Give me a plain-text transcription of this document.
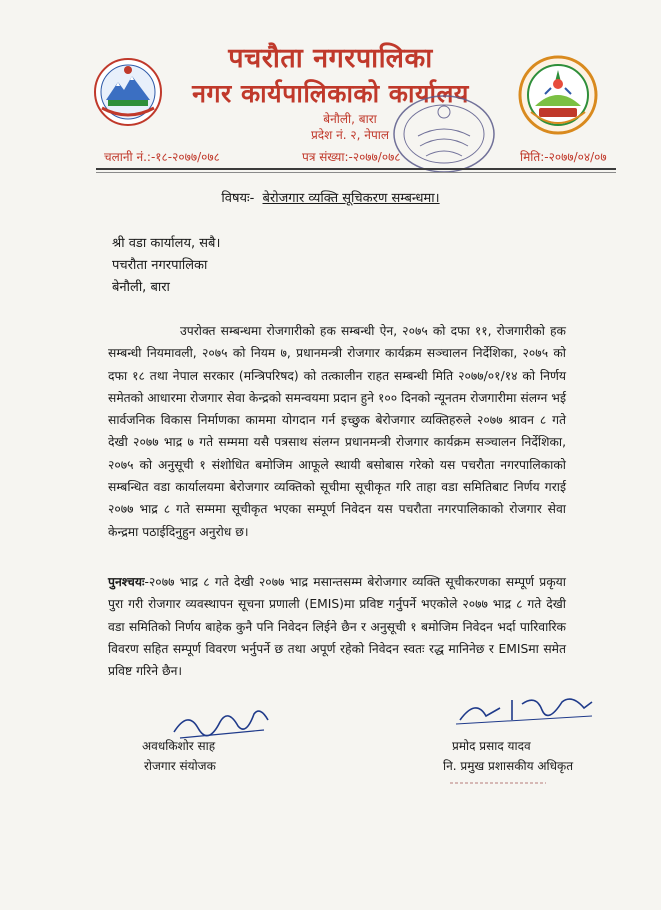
पचरौता नगरपालिका
नगर कार्यपालिकाको कार्यालय
बेनौली, बारा
प्रदेश नं. २, नेपाल
चलानी नं.:-१८-२०७७/०७८	पत्र संख्या:-२०७७/०७८	मिति:-२०७७/०४/०७
विषयः- बेरोजगार व्यक्ति सूचिकरण सम्बन्धमा।
श्री वडा कार्यालय, सबै।
पचरौता नगरपालिका
बेनौली, बारा
उपरोक्त सम्बन्धमा रोजगारीको हक सम्बन्धी ऐन, २०७५ को दफा ११, रोजगारीको हक सम्बन्धी नियमावली, २०७५ को नियम ७, प्रधानमन्त्री रोजगार कार्यक्रम सञ्चालन निर्देशिका, २०७५ को दफा १८ तथा नेपाल सरकार (मन्त्रिपरिषद) को तत्कालीन राहत सम्बन्धी मिति २०७७/०१/१४ को निर्णय समेतको आधारमा रोजगार सेवा केन्द्रको समन्वयमा प्रदान हुने १०० दिनको न्यूनतम रोजगारीमा संलग्न भई सार्वजनिक विकास निर्माणका काममा योगदान गर्न इच्छुक बेरोजगार व्यक्तिहरुले २०७७ श्रावन ८ गते देखी २०७७ भाद्र ७ गते सम्ममा यसै पत्रसाथ संलग्न प्रधानमन्त्री रोजगार कार्यक्रम सञ्चालन निर्देशिका, २०७५ को अनुसूची १ संशोधित बमोजिम आफूले स्थायी बसोबास गरेको यस पचरौता नगरपालिकाको सम्बन्धित वडा कार्यालयमा बेरोजगार व्यक्तिको सूचीमा सूचीकृत गरि ताहा वडा समितिबाट निर्णय गराई २०७७ भाद्र ८ गते सम्ममा सूचीकृत भएका सम्पूर्ण निवेदन यस पचरौता नगरपालिकाको रोजगार सेवा केन्द्रमा पठाईदिनुहुन अनुरोध छ।
पुनश्चयः-२०७७ भाद्र ८ गते देखी २०७७ भाद्र मसान्तसम्म बेरोजगार व्यक्ति सूचीकरणका सम्पूर्ण प्रकृया पुरा गरी रोजगार व्यवस्थापन सूचना प्रणाली (EMIS)मा प्रविष्ट गर्नुपर्ने भएकोले २०७७ भाद्र ८ गते देखी वडा समितिको निर्णय बाहेक कुनै पनि निवेदन लिईने छैन र अनुसूची १ बमोजिम निवेदन भर्दा पारिवारिक विवरण सहित सम्पूर्ण विवरण भर्नुपर्ने छ तथा अपूर्ण रहेको निवेदन स्वतः रद्ध मानिनेछ र EMISमा समेत प्रविष्ट गरिने छैन।
अवधकिशोर साह
रोजगार संयोजक
प्रमोद प्रसाद यादव
नि. प्रमुख प्रशासकीय अधिकृत
